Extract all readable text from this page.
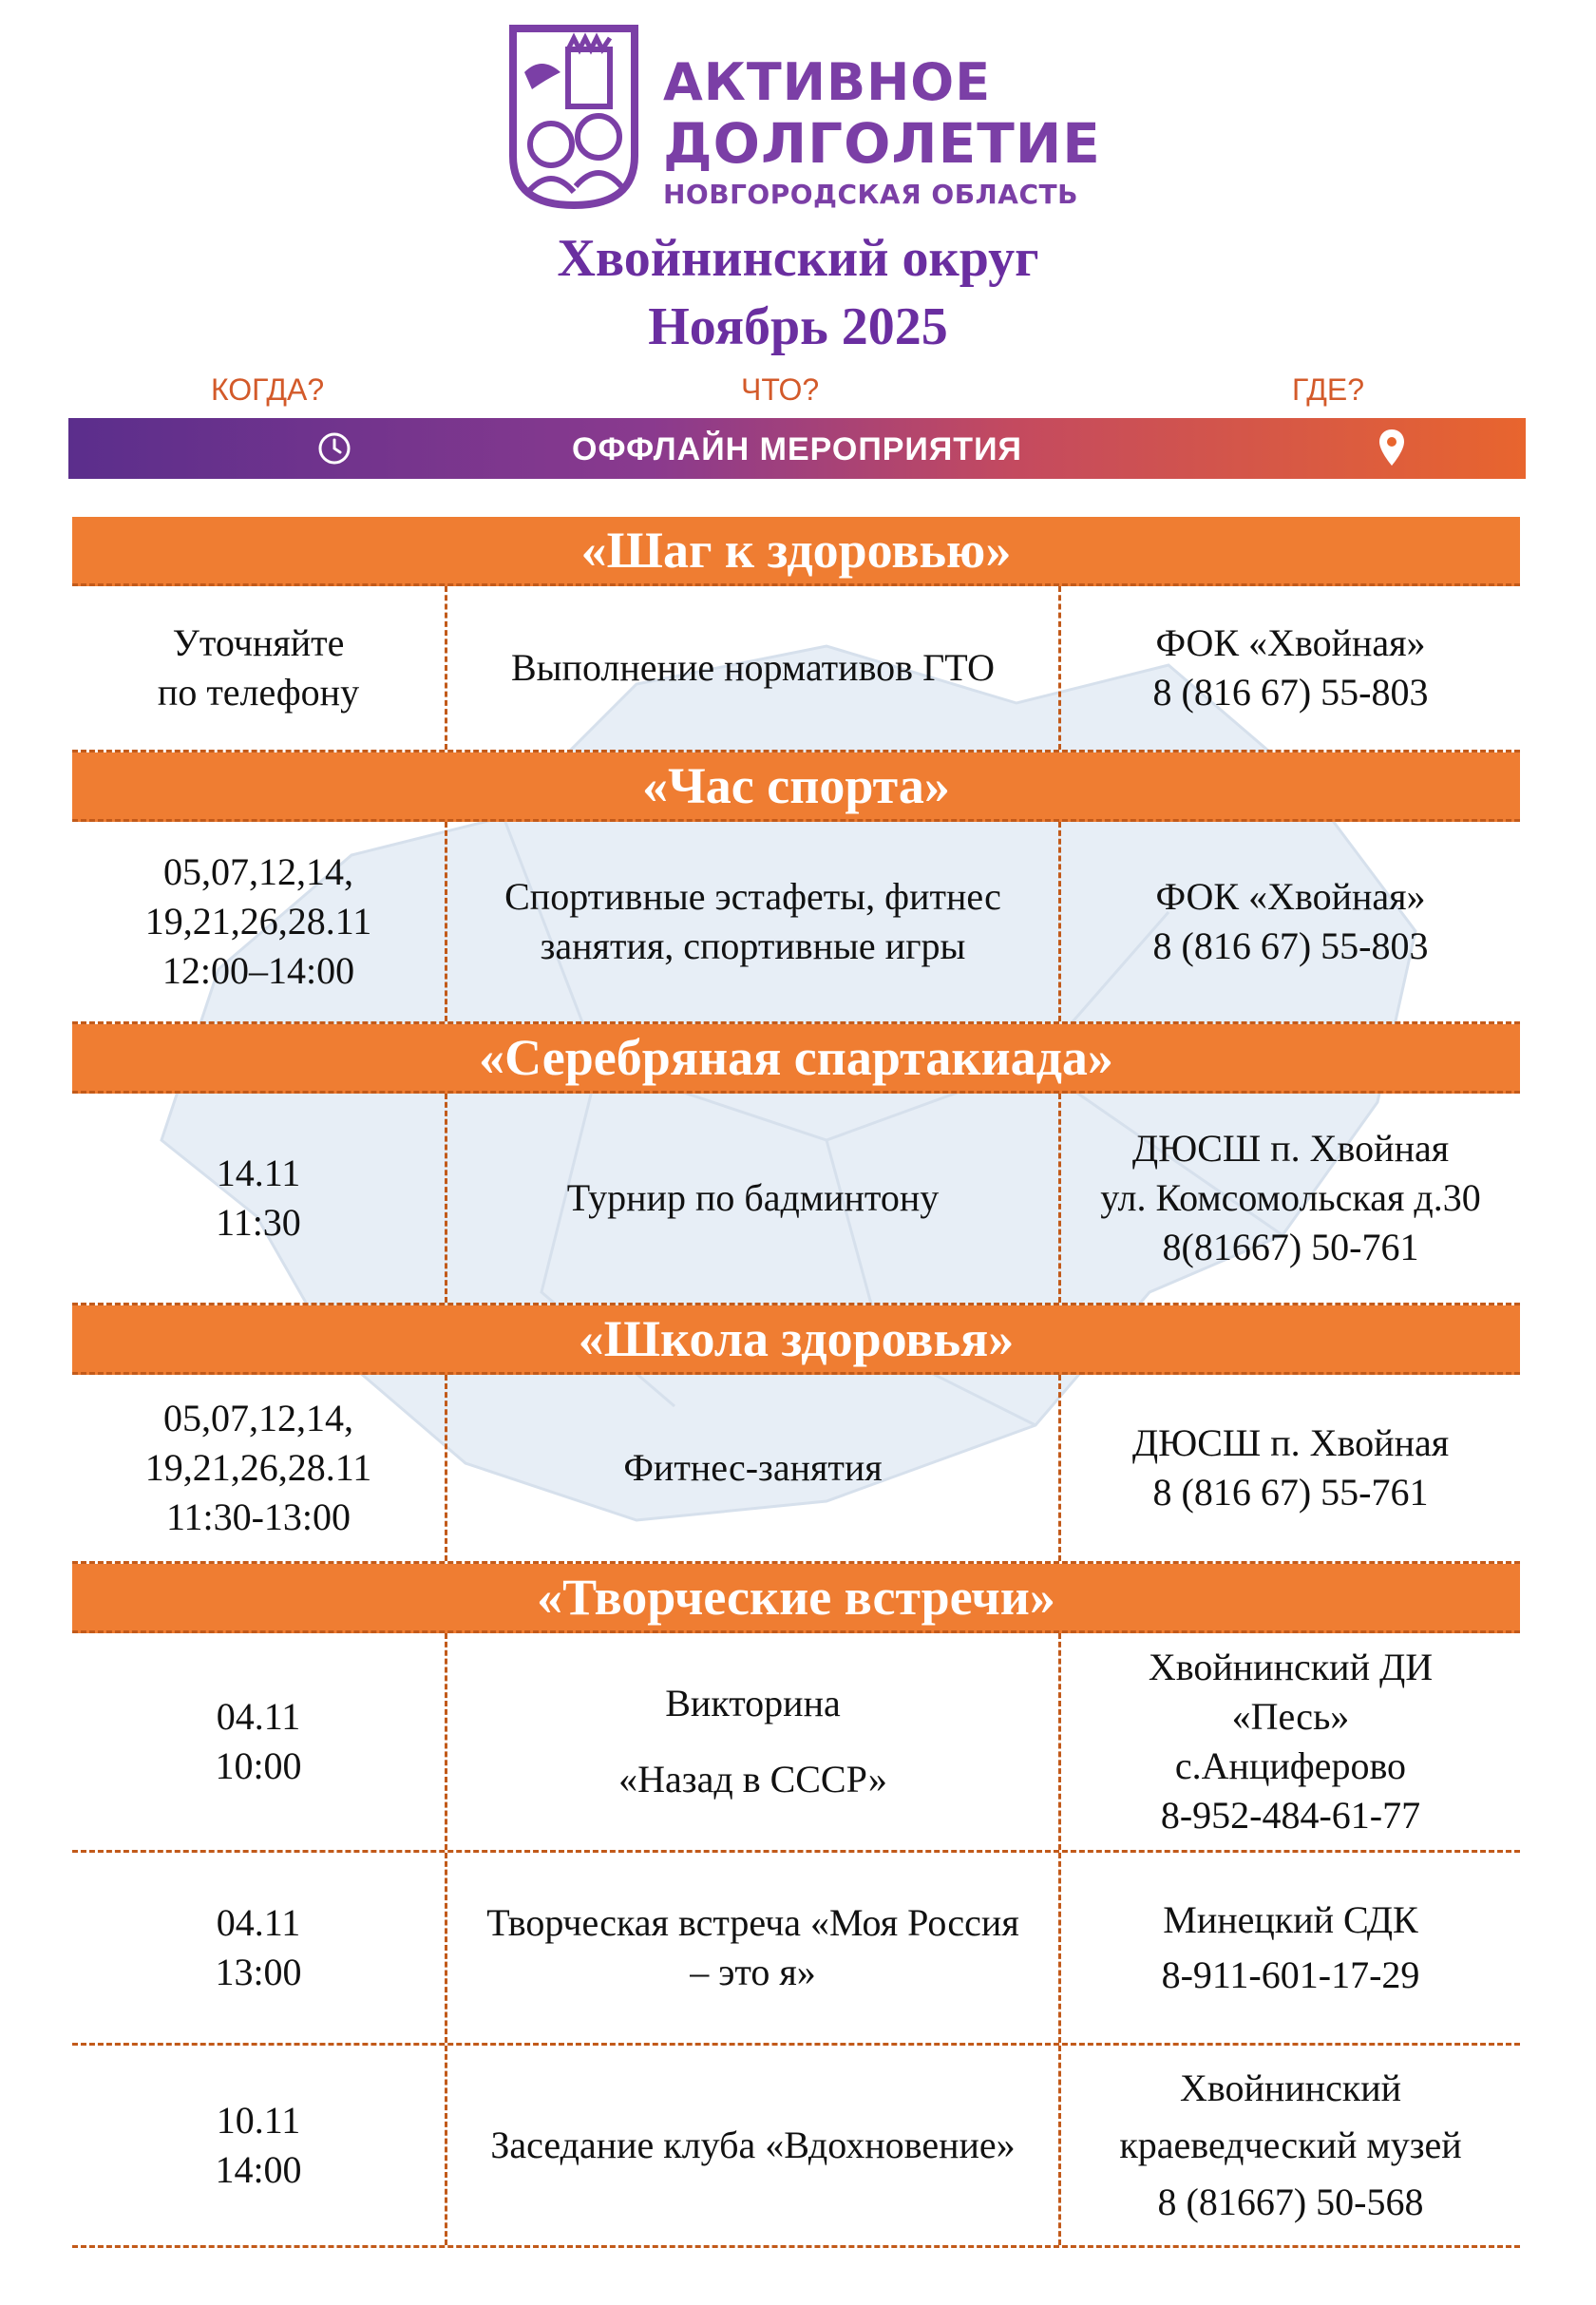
АКТИВНОЕ
ДОЛГОЛЕТИЕ
НОВГОРОДСКАЯ ОБЛАСТЬ
Хвойнинский округ
Ноябрь 2025
КОГДА?	ЧТО?	ГДЕ?
ОФФЛАЙН МЕРОПРИЯТИЯ
«Шаг к здоровью»
Уточняйте
по телефону
Выполнение нормативов ГТО
ФОК «Хвойная»
8 (816 67) 55-803
«Час спорта»
05,07,12,14,
19,21,26,28.11
12:00–14:00
Спортивные эстафеты, фитнес
занятия, спортивные игры
ФОК «Хвойная»
8 (816 67) 55-803
«Серебряная спартакиада»
14.11
11:30
Турнир по бадминтону
ДЮСШ п. Хвойная
ул. Комсомольская д.30
8(81667) 50-761
«Школа здоровья»
05,07,12,14,
19,21,26,28.11
11:30-13:00
Фитнес-занятия
ДЮСШ п. Хвойная
8 (816 67) 55-761
«Творческие встречи»
04.11
10:00
Викторина
«Назад в СССР»
Хвойнинский ДИ
«Песь»
с.Анциферово
8-952-484-61-77
04.11
13:00
Творческая встреча «Моя Россия
– это я»
Минецкий СДК
8-911-601-17-29
10.11
14:00
Заседание клуба «Вдохновение»
Хвойнинский
краеведческий музей
8 (81667) 50-568
